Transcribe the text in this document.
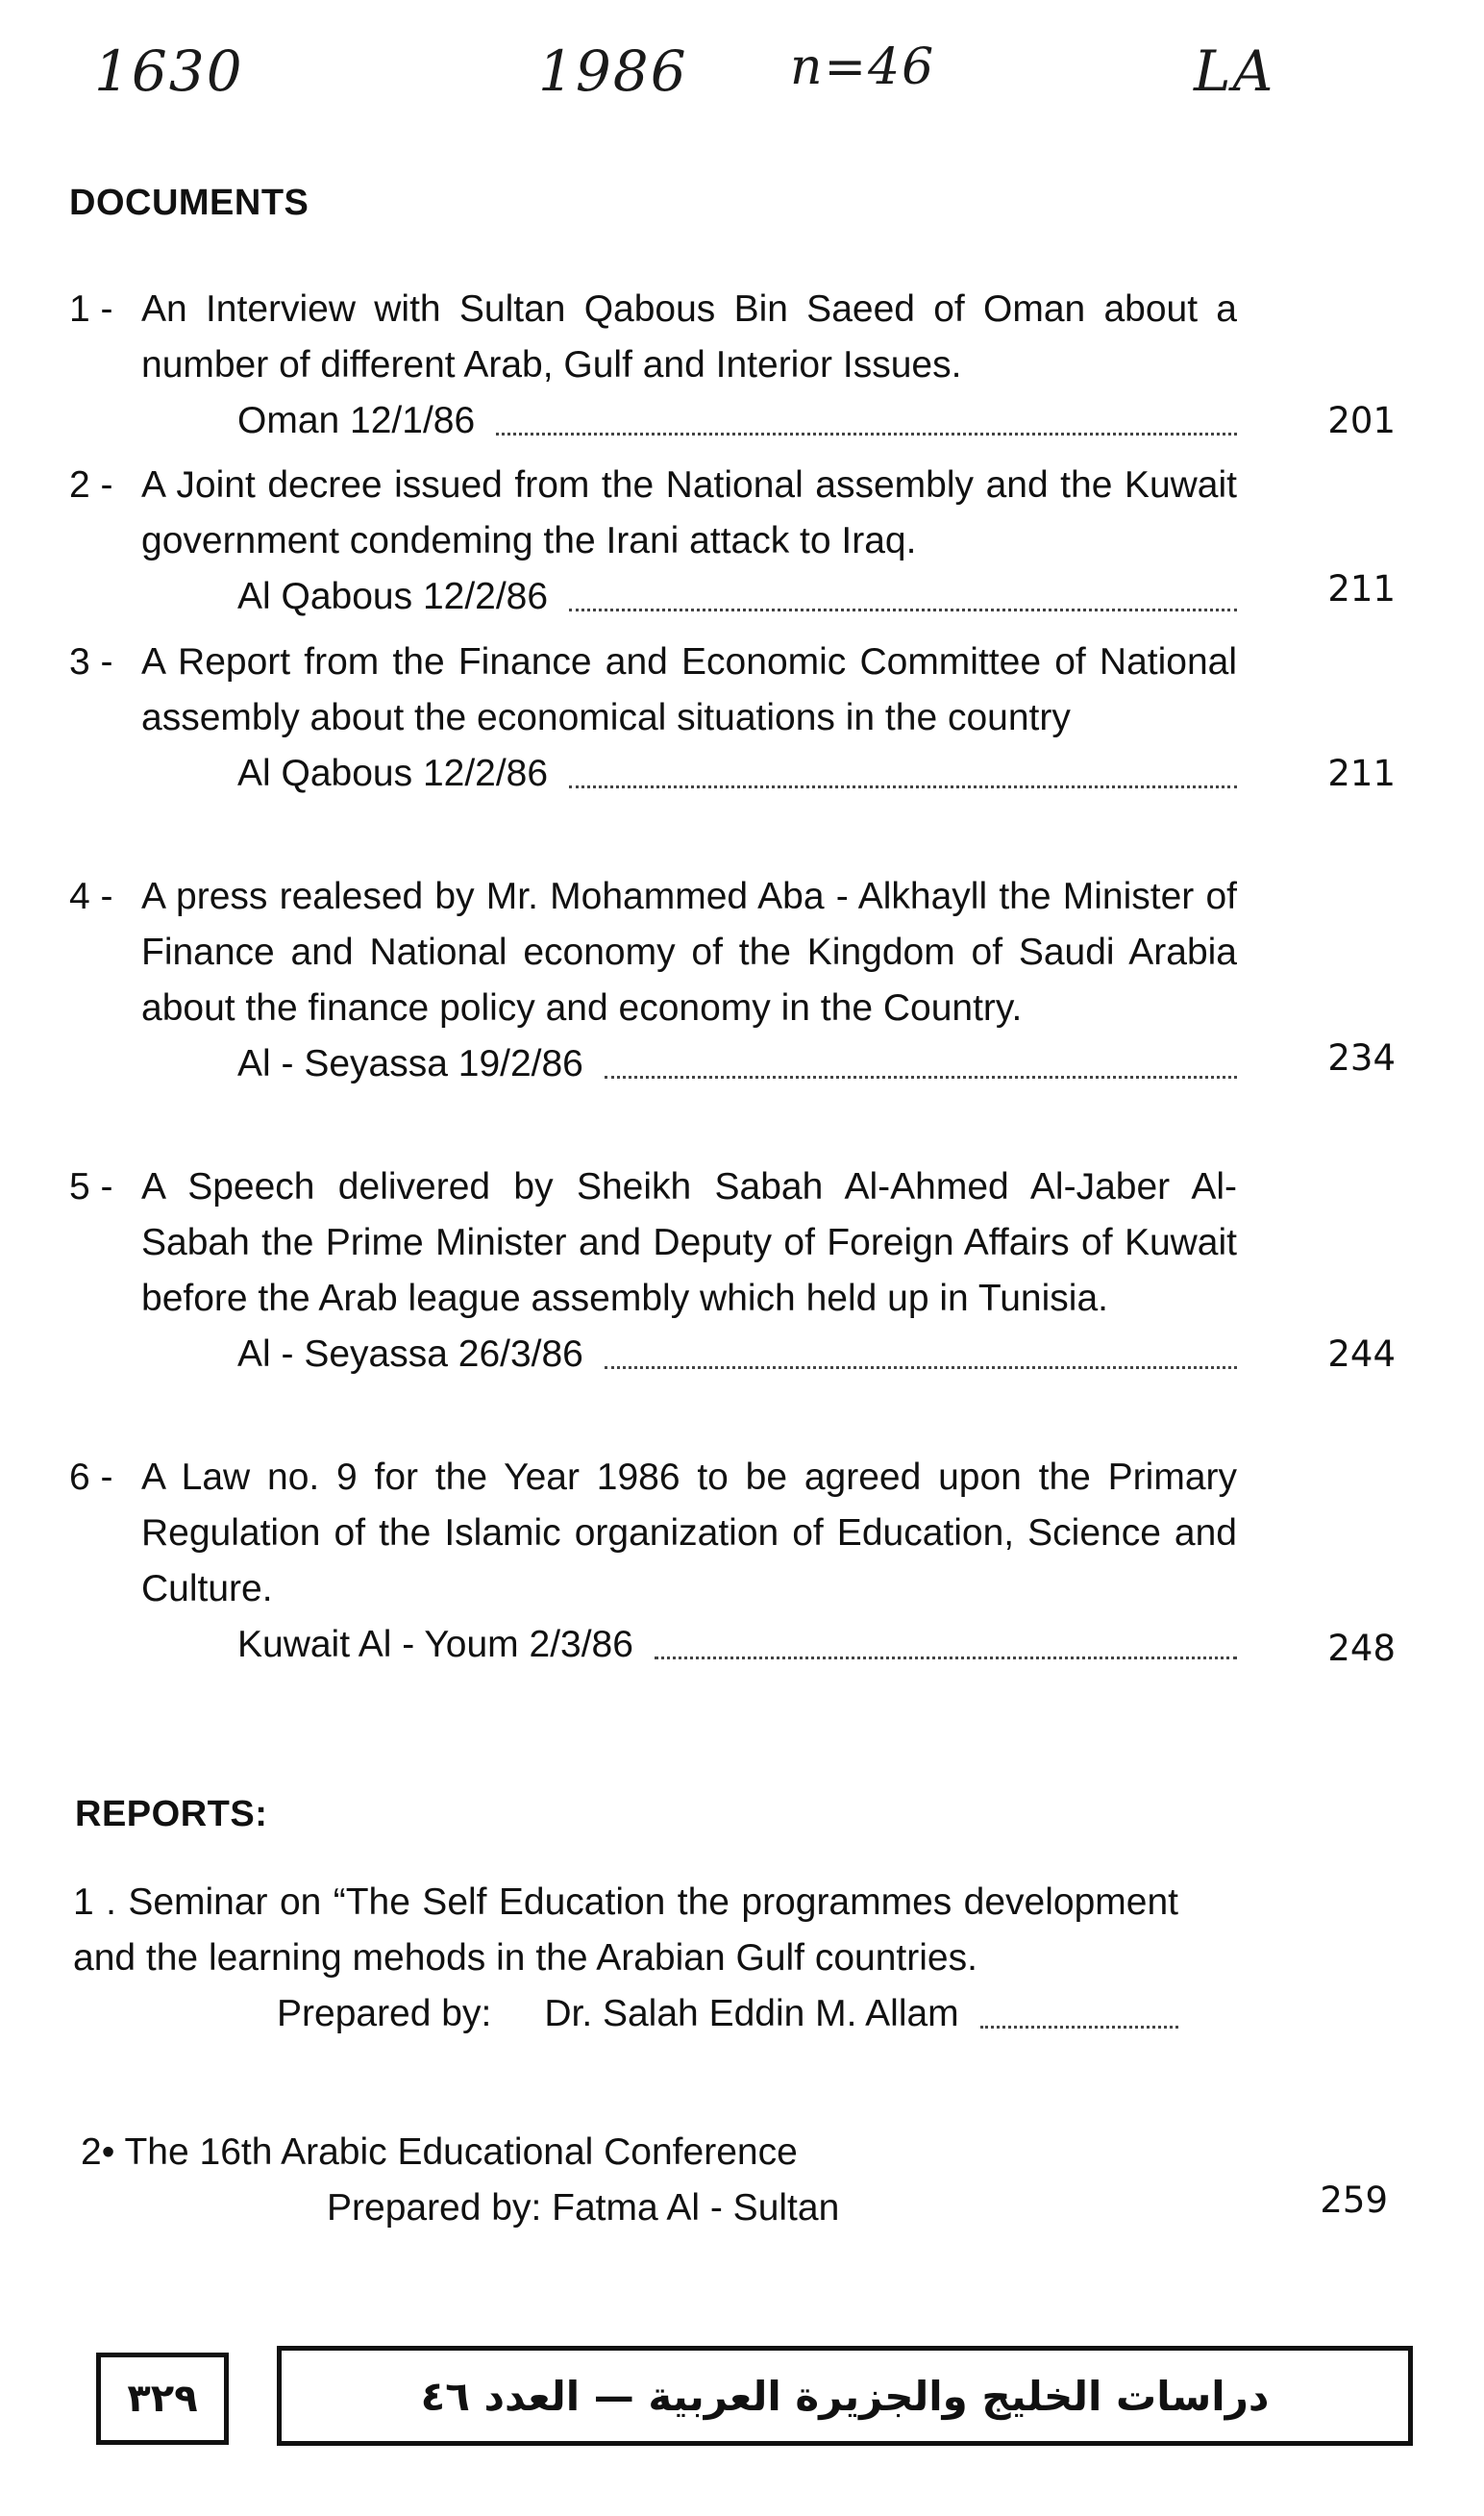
1630	1986 n=46	LA
DOCUMENTS
1 - An Interview with Sultan Qabous Bin Saeed of Oman about a number of different Arab, Gulf and Interior Issues.
Oman 12/1/86	201
2 - A Joint decree issued from the National assembly and the Kuwait government condeming the Irani attack to Iraq.
Al Qabous 12/2/86	211
3 - A Report from the Finance and Economic Committee of National assembly about the economical situations in the country
Al Qabous 12/2/86	211
4 - A press realesed by Mr. Mohammed Aba - Alkhayll the Minister of Finance and National economy of the Kingdom of Saudi Arabia about the finance policy and economy in the Country.
Al - Seyassa 19/2/86	234
5 - A Speech delivered by Sheikh Sabah Al-Ahmed Al-Jaber Al-Sabah the Prime Minister and Deputy of Foreign Affairs of Kuwait before the Arab league assembly which held up in Tunisia.
Al - Seyassa 26/3/86	244
6 - A Law no. 9 for the Year 1986 to be agreed upon the Primary Regulation of the Islamic organization of Education, Science and Culture.
Kuwait Al - Youm 2/3/86	248
REPORTS:
1 . Seminar on “The Self Education the programmes development and the learning mehods in the Arabian Gulf countries.
Prepared by: Dr. Salah Eddin M. Allam
2• The 16th Arabic Educational Conference
Prepared by: Fatma Al - Sultan	259
٣٢٩	دراسات الخليج والجزيرة العربية — العدد ٤٦
